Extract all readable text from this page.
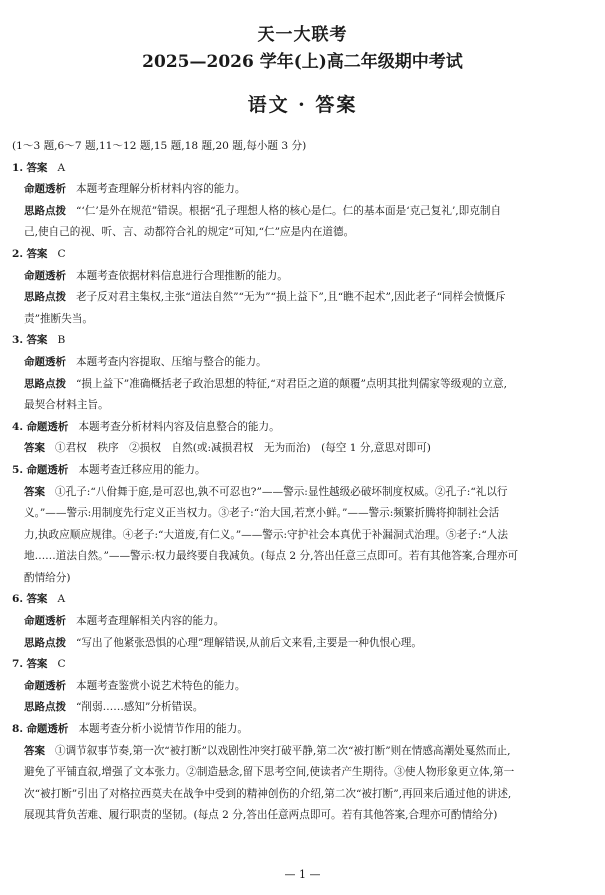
天一大联考
2025—2026 学年(上)高二年级期中考试
语文 · 答案

(1～3 题,6～7 题,11～12 题,15 题,18 题,20 题,每小题 3 分)

1. 答案 A

命题透析 本题考查理解分析材料内容的能力。

思路点拨 “‘仁’是外在规范”错误。根据“孔子理想人格的核心是仁。仁的基本面是‘克己复礼’,即克制自

己,使自己的视、听、言、动都符合礼的规定”可知,“仁”应是内在道德。

2. 答案 C

命题透析 本题考查依据材料信息进行合理推断的能力。

思路点拨 老子反对君主集权,主张“道法自然”“无为”“损上益下”,且“瞧不起术”,因此老子“同样会愤慨斥

责”推断失当。

3. 答案 B

命题透析 本题考查内容提取、压缩与整合的能力。

思路点拨 “损上益下”准确概括老子政治思想的特征,“对君臣之道的颠覆”点明其批判儒家等级观的立意,

最契合材料主旨。

4. 命题透析 本题考查分析材料内容及信息整合的能力。

答案 ①君权　秩序　②损权　自然(或:减损君权　无为而治)　(每空 1 分,意思对即可)

5. 命题透析 本题考查迁移应用的能力。

答案 ①孔子:“八佾舞于庭,是可忍也,孰不可忍也?”——警示:显性越级必破坏制度权威。②孔子:“礼以行

义。”——警示:用制度先行定义正当权力。③老子:“治大国,若烹小鲜。”——警示:频繁折腾将抑制社会活

力,执政应顺应规律。④老子:“大道废,有仁义。”——警示:守护社会本真优于补漏洞式治理。⑤老子:“人法

地……道法自然。”——警示:权力最终要自我减负。(每点 2 分,答出任意三点即可。若有其他答案,合理亦可

酌情给分)

6. 答案 A

命题透析 本题考查理解相关内容的能力。

思路点拨 “写出了他紧张恐惧的心理”理解错误,从前后文来看,主要是一种仇恨心理。

7. 答案 C

命题透析 本题考查鉴赏小说艺术特色的能力。

思路点拨 “削弱……感知”分析错误。

8. 命题透析 本题考查分析小说情节作用的能力。

答案 ①调节叙事节奏,第一次“被打断”以戏剧性冲突打破平静,第二次“被打断”则在情感高潮处戛然而止,

避免了平铺直叙,增强了文本张力。②制造悬念,留下思考空间,使读者产生期待。③使人物形象更立体,第一

次“被打断”引出了对格拉西莫夫在战争中受到的精神创伤的介绍,第二次“被打断”,再回来后通过他的讲述,

展现其背负苦难、履行职责的坚韧。(每点 2 分,答出任意两点即可。若有其他答案,合理亦可酌情给分)

— 1 —
